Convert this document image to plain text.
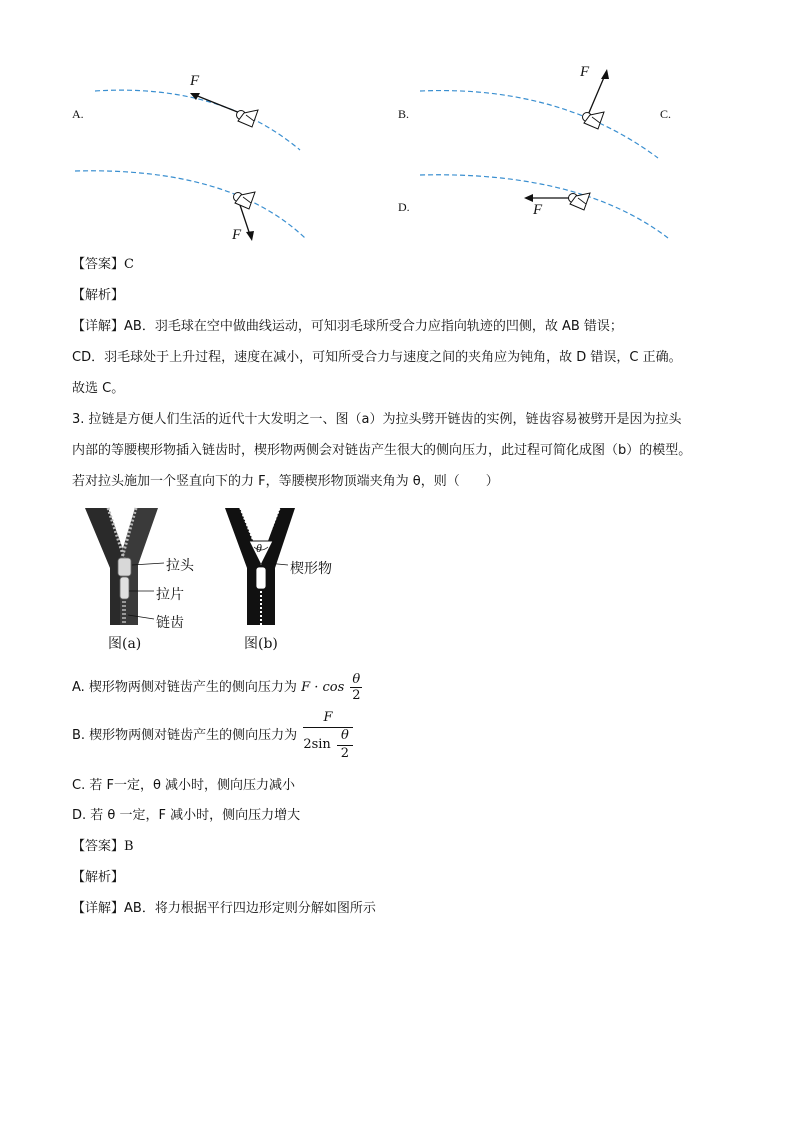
A.	B.	C.
D.
F
F
F
F
【答案】C
【解析】
【详解】AB．羽毛球在空中做曲线运动，可知羽毛球所受合力应指向轨迹的凹侧，故 AB 错误；
CD．羽毛球处于上升过程，速度在减小，可知所受合力与速度之间的夹角应为钝角，故 D 错误，C 正确。
故选 C。
3. 拉链是方便人们生活的近代十大发明之一、图（a）为拉头劈开链齿的实例，链齿容易被劈开是因为拉头
内部的等腰楔形物插入链齿时，楔形物两侧会对链齿产生很大的侧向压力，此过程可简化成图（b）的模型。
若对拉头施加一个竖直向下的力 F，等腰楔形物顶端夹角为 θ，则（　　）
拉头
拉片
链齿
楔形物
θ
图(a)	图(b)
A. 楔形物两侧对链齿产生的侧向压力为 $F \cdot \cos \frac{\theta}{2}$
B. 楔形物两侧对链齿产生的侧向压力为 $\frac{F}{2\sin \frac{\theta}{2}}$
C. 若 F一定，θ 减小时，侧向压力减小
D. 若 θ 一定，F 减小时，侧向压力增大
【答案】B
【解析】
【详解】AB．将力根据平行四边形定则分解如图所示
